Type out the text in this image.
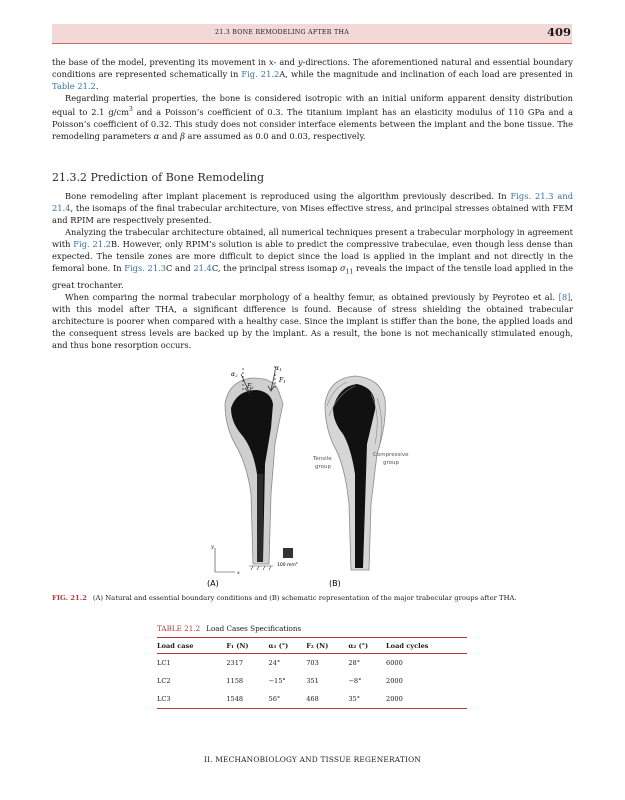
21.3 BONE REMODELING AFTER THA	409

the base of the model, preventing its movement in x- and y-directions. The aforementioned natural and essential boundary conditions are represented schematically in Fig. 21.2A, while the magnitude and inclination of each load are presented in Table 21.2.

Regarding material properties, the bone is considered isotropic with an initial uniform apparent density distribution equal to 2.1 $g/cm^3$ and a Poisson’s coefficient of 0.3. The titanium implant has an elasticity modulus of 110 GPa and a Poisson’s coefficient of 0.32. This study does not consider interface elements between the implant and the bone tissue. The remodeling parameters α and β are assumed as 0.0 and 0.03, respectively.

21.3.2 Prediction of Bone Remodeling

Bone remodeling after implant placement is reproduced using the algorithm previously described. In Figs. 21.3 and 21.4, the isomaps of the final trabecular architecture, von Mises effective stress, and principal stresses obtained with FEM and RPIM are respectively presented.

Analyzing the trabecular architecture obtained, all numerical techniques present a trabecular morphology in agreement with Fig. 21.2B. However, only RPIM’s solution is able to predict the compressive trabeculae, even though less dense than expected. The tensile zones are more difficult to depict since the load is applied in the implant and not directly in the femoral bone. In Figs. 21.3C and 21.4C, the principal stress isomap $\sigma_{11}$ reveals the impact of the tensile load applied in the great trochanter.

When comparing the normal trabecular morphology of a healthy femur, as obtained previously by Peyroteo et al. [8], with this model after THA, a significant difference is found. Because of stress shielding the obtained trabecular architecture is poorer when compared with a healthy case. Since the implant is stiffer than the bone, the applied loads and the consequent stress levels are backed up by the implant. As a result, the bone is not mechanically stimulated enough, and thus bone resorption occurs.

α2
F2
α1
F1
y
x
100 $mm^2$
(A)
Tensile
group
Compressive
group
(B)
FIG. 21.2 (A) Natural and essential boundary conditions and (B) schematic representation of the major trabecular groups after THA.
TABLE 21.2 Load Cases Specifications
Load case	F₁ (N)	α₁ (°)	F₂ (N)	α₂ (°)	Load cycles
LC1	2317	24°	703	28°	6000
LC2	1158	−15°	351	−8°	2000
LC3	1548	56°	468	35°	2000
II. MECHANOBIOLOGY AND TISSUE REGENERATION
